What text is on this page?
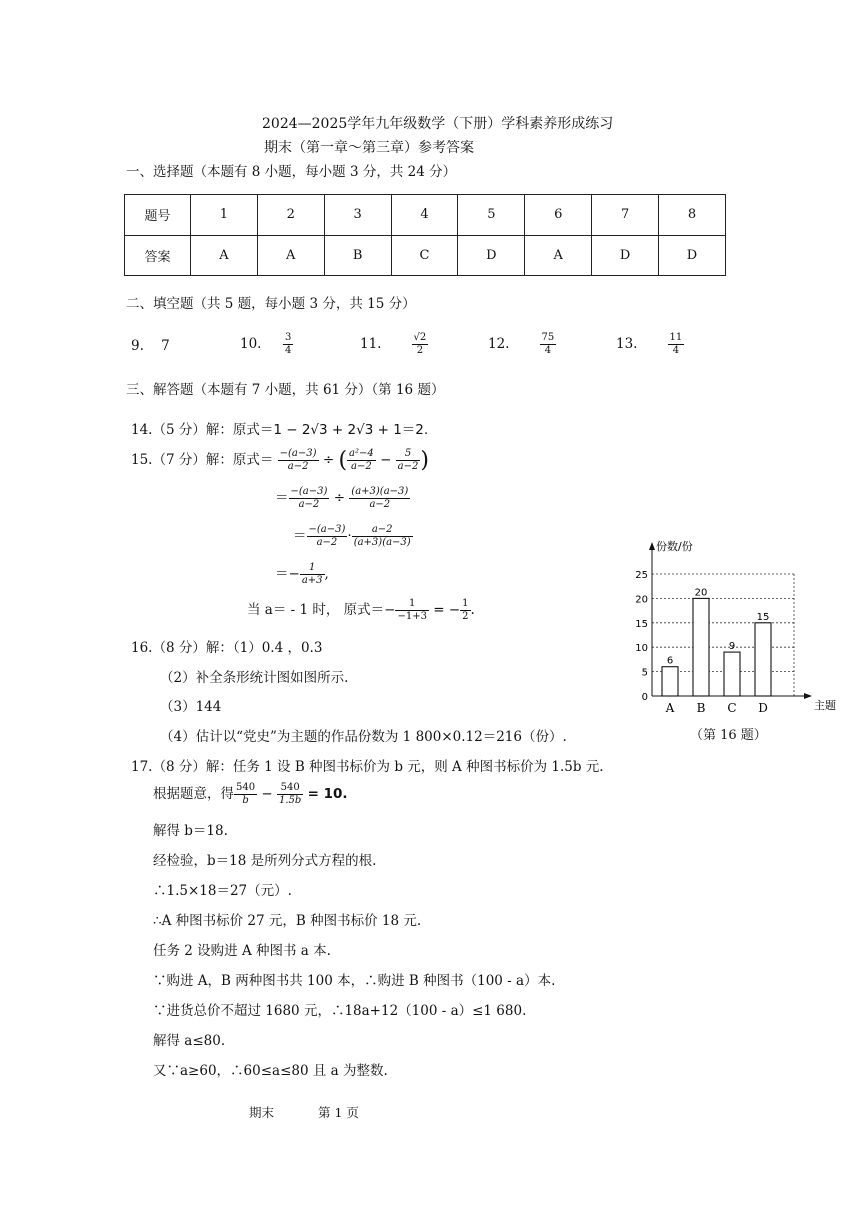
2024—2025学年九年级数学（下册）学科素养形成练习
期末（第一章～第三章）参考答案
一、选择题（本题有 8 小题，每小题 3 分，共 24 分）
题号	1	2	3	4	5	6	7	8
答案	A	A	B	C	D	A	D	D
二、填空题（共 5 题，每小题 3 分，共 15 分）
9. 7	10. $\frac{3}{4}$	11.	$\frac{√2}{2}$	12.	$\frac{75}{4}$	13.	$\frac{11}{4}$
三、解答题（本题有 7 小题，共 61 分）（第 16 题）
14.（5 分）解：原式＝1 − 2√3 + 2√3 + 1＝2.
15.（7 分）解：原式＝ $\frac{-(a-3)}{a-2}$ ÷ ( $\frac{\text{a²−4}}{a-2} - \frac{5}{a-2}$ )
＝ $\frac{-(a-3)}{a-2} \div \frac{(a+3)(a-3)}{a-2}$
＝ $\frac{-(a-3)}{a-2} \cdot \frac{a-2}{(a+3)(a-3)}$
＝− $\frac{1}{a+3}$ ,
当 a＝ - 1 时， 原式＝− $\frac{1}{-1+3}$ = − $\frac{1}{2}$ .
16.（8 分）解：（1）0.4 ，0.3
（2）补全条形统计图如图所示.
（3）144
（4）估计以“党史”为主题的作品份数为 1 800×0.12＝216（份）.
17.（8 分）解：任务 1 设 B 种图书标价为 b 元，则 A 种图书标价为 1.5b 元.
根据题意，得 $\frac{540}{b} - \frac{540}{1.5b} = 10$.
解得 b＝18.
经检验，b＝18 是所列分式方程的根.
∴1.5×18＝27（元）.
∴A 种图书标价 27 元，B 种图书标价 18 元.
任务 2 设购进 A 种图书 a 本.
∵购进 A，B 两种图书共 100 本，∴购进 B 种图书（100 - a）本.
∵进货总价不超过 1680 元，∴18a+12（100 - a）≤1 680.
解得 a≤80.
又∵a≥60，∴60≤a≤80 且 a 为整数.
份数/份
主题
0
5
10
15
20
25
6
20
9
15
A B C D
（第 16 题）
期末	第 1 页
